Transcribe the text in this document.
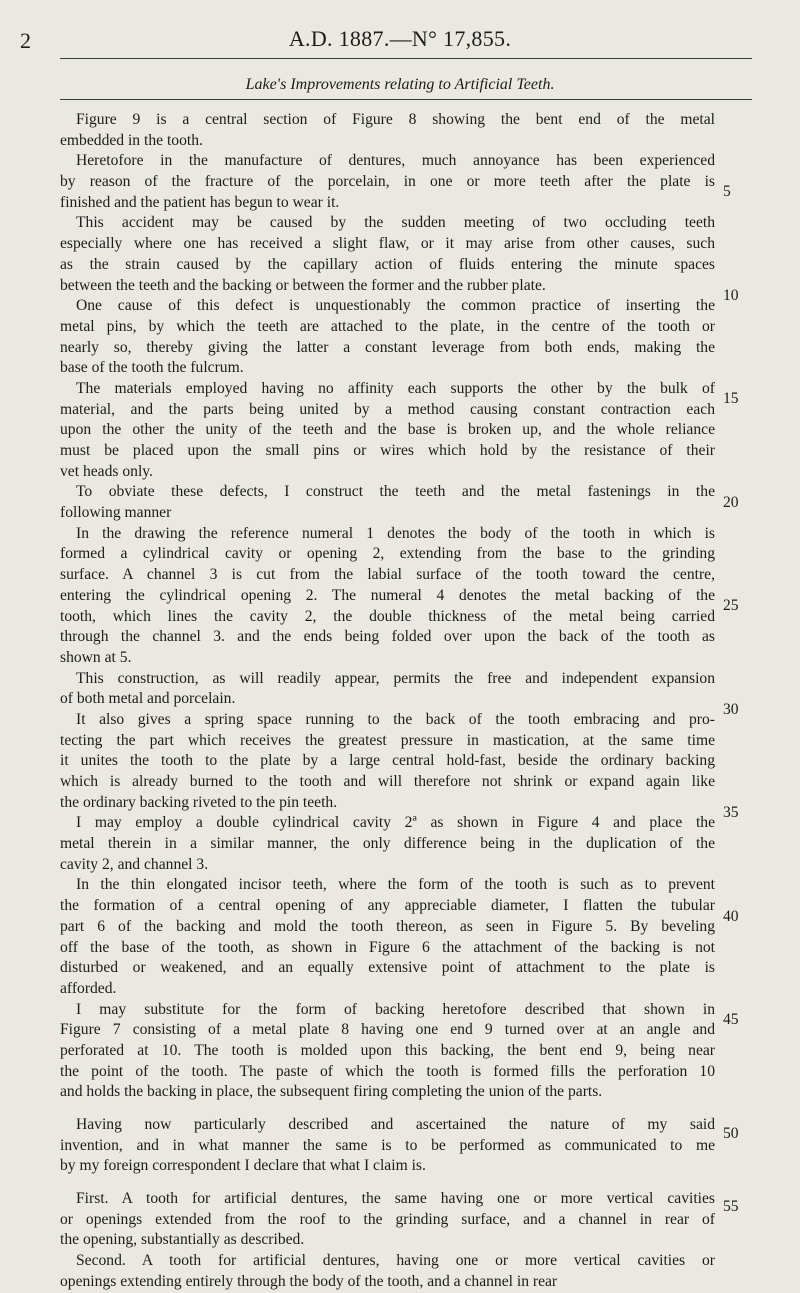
2	A.D. 1887.—N° 17,855.
Lake's Improvements relating to Artificial Teeth.
Figure 9 is a central section of Figure 8 showing the bent end of the metal
embedded in the tooth.
Heretofore in the manufacture of dentures, much annoyance has been experienced
by reason of the fracture of the porcelain, in one or more teeth after the plate is
finished and the patient has begun to wear it.
This accident may be caused by the sudden meeting of two occluding teeth
especially where one has received a slight flaw, or it may arise from other causes, such
as the strain caused by the capillary action of fluids entering the minute spaces
between the teeth and the backing or between the former and the rubber plate.
One cause of this defect is unquestionably the common practice of inserting the
metal pins, by which the teeth are attached to the plate, in the centre of the tooth or
nearly so, thereby giving the latter a constant leverage from both ends, making the
base of the tooth the fulcrum.
The materials employed having no affinity each supports the other by the bulk of
material, and the parts being united by a method causing constant contraction each
upon the other the unity of the teeth and the base is broken up, and the whole reliance
must be placed upon the small pins or wires which hold by the resistance of their
vet heads only.
To obviate these defects, I construct the teeth and the metal fastenings in the
following manner
In the drawing the reference numeral 1 denotes the body of the tooth in which is
formed a cylindrical cavity or opening 2, extending from the base to the grinding
surface. A channel 3 is cut from the labial surface of the tooth toward the centre,
entering the cylindrical opening 2. The numeral 4 denotes the metal backing of the
tooth, which lines the cavity 2, the double thickness of the metal being carried
through the channel 3. and the ends being folded over upon the back of the tooth as
shown at 5.
This construction, as will readily appear, permits the free and independent expansion
of both metal and porcelain.
It also gives a spring space running to the back of the tooth embracing and pro-
tecting the part which receives the greatest pressure in mastication, at the same time
it unites the tooth to the plate by a large central hold-fast, beside the ordinary backing
which is already burned to the tooth and will therefore not shrink or expand again like
the ordinary backing riveted to the pin teeth.
I may employ a double cylindrical cavity 2ª as shown in Figure 4 and place the
metal therein in a similar manner, the only difference being in the duplication of the
cavity 2, and channel 3.
In the thin elongated incisor teeth, where the form of the tooth is such as to prevent
the formation of a central opening of any appreciable diameter, I flatten the tubular
part 6 of the backing and mold the tooth thereon, as seen in Figure 5. By beveling
off the base of the tooth, as shown in Figure 6 the attachment of the backing is not
disturbed or weakened, and an equally extensive point of attachment to the plate is
afforded.
I may substitute for the form of backing heretofore described that shown in
Figure 7 consisting of a metal plate 8 having one end 9 turned over at an angle and
perforated at 10. The tooth is molded upon this backing, the bent end 9, being near
the point of the tooth. The paste of which the tooth is formed fills the perforation 10
and holds the backing in place, the subsequent firing completing the union of the parts.
Having now particularly described and ascertained the nature of my said
invention, and in what manner the same is to be performed as communicated to me
by my foreign correspondent I declare that what I claim is.
First. A tooth for artificial dentures, the same having one or more vertical cavities
or openings extended from the roof to the grinding surface, and a channel in rear of
the opening, substantially as described.
Second. A tooth for artificial dentures, having one or more vertical cavities or
openings extending entirely through the body of the tooth, and a channel in rear
5
10
15
20
25
30
35
40
45
50
55
